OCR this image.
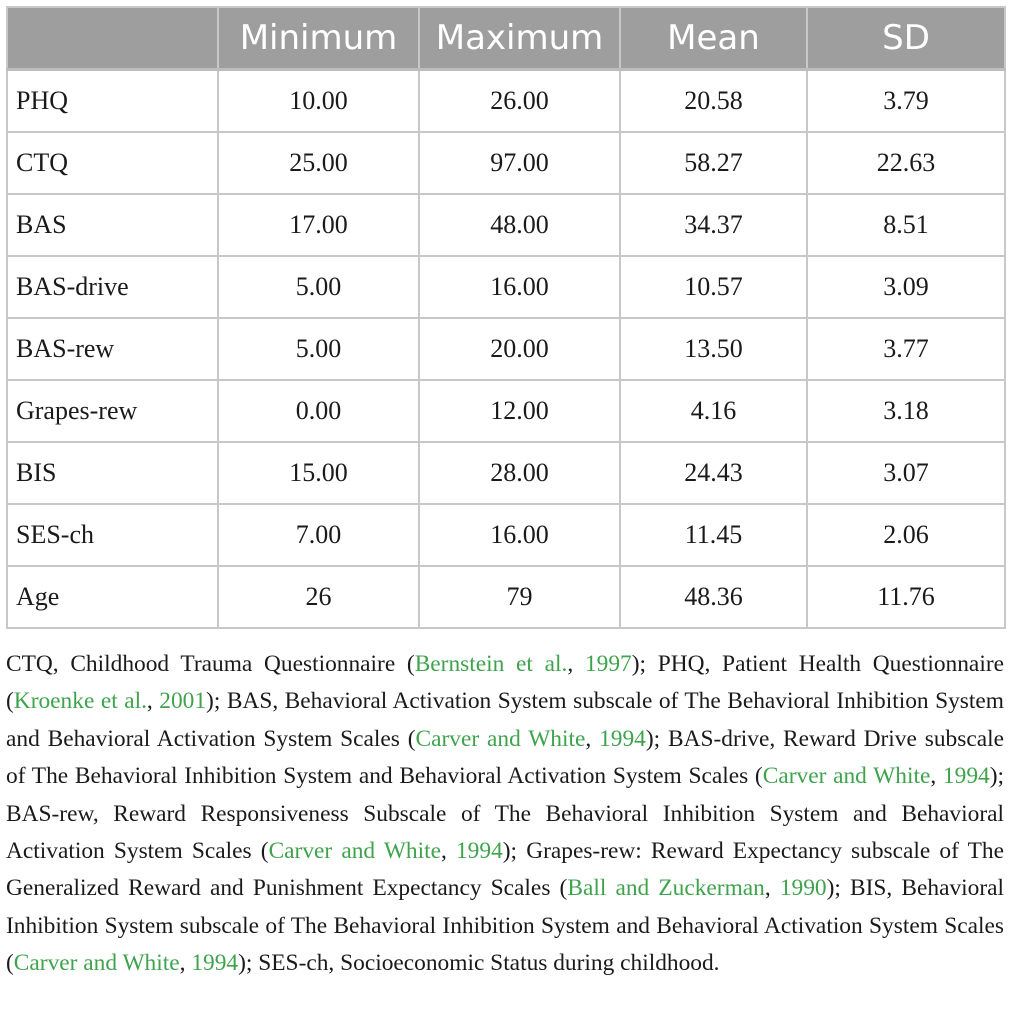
	Minimum	Maximum	Mean	SD
PHQ	10.00	26.00	20.58	3.79
CTQ	25.00	97.00	58.27	22.63
BAS	17.00	48.00	34.37	8.51
BAS-drive	5.00	16.00	10.57	3.09
BAS-rew	5.00	20.00	13.50	3.77
Grapes-rew	0.00	12.00	4.16	3.18
BIS	15.00	28.00	24.43	3.07
SES-ch	7.00	16.00	11.45	2.06
Age	26	79	48.36	11.76

CTQ, Childhood Trauma Questionnaire (Bernstein et al., 1997); PHQ, Patient Health Questionnaire (Kroenke et al., 2001); BAS, Behavioral Activation System subscale of The Behavioral Inhibition System and Behavioral Activation System Scales (Carver and White, 1994); BAS-drive, Reward Drive subscale of The Behavioral Inhibition System and Behavioral Activation System Scales (Carver and White, 1994); BAS-rew, Reward Responsiveness Subscale of The Behavioral Inhibition System and Behavioral Activation System Scales (Carver and White, 1994); Grapes-rew: Reward Expectancy subscale of The Generalized Reward and Punishment Expectancy Scales (Ball and Zuckerman, 1990); BIS, Behavioral Inhibition System subscale of The Behavioral Inhibition System and Behavioral Activation System Scales (Carver and White, 1994); SES-ch, Socioeconomic Status during childhood.
